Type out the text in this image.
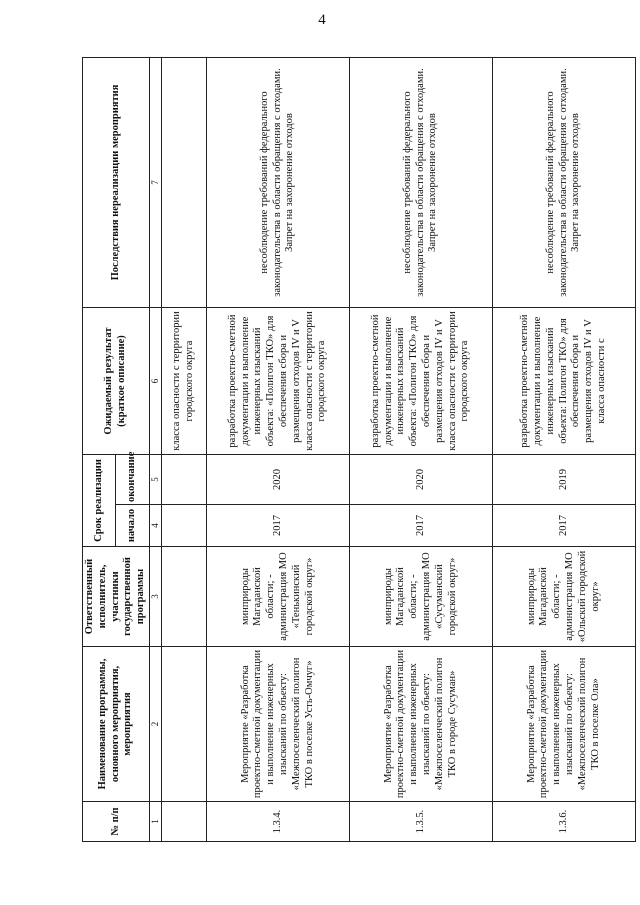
4
№ п/п	Наименование программы, основного мероприятия, мероприятия	Ответственный исполнитель, участники государственной программы	Срок реализации		Ожидаемый результат (краткое описание)	Последствия нереализации мероприятия
			начало	окончание		
1	2	3	4	5	6	7
					класса опасности с территории городского округа	
1.3.4.	Мероприятие «Разработка проектно-сметной документации и выполнение инженерных изысканий по объекту: «Межпоселенческий полигон ТКО в поселке Усть-Омчуг»	минприроды Магаданской области; - администрация МО «Тенькинский городской округ»	2017	2020	разработка проектно-сметной документации и выполнение инженерных изысканий объекта: «Полигон ТКО» для обеспечения сбора и размещения отходов IV и V класса опасности с территории городского округа	несоблюдение требований федерального законодательства в области обращения с отходами. Запрет на захоронение отходов
1.3.5.	Мероприятие «Разработка проектно-сметной документации и выполнение инженерных изысканий по объекту: «Межпоселенческий полигон ТКО в городе Сусуман»	минприроды Магаданской области; - администрация МО «Сусуманский городской округ»	2017	2020	разработка проектно-сметной документации и выполнение инженерных изысканий объекта: «Полигон ТКО» для обеспечения сбора и размещения отходов IV и V класса опасности с территории городского округа	несоблюдение требований федерального законодательства в области обращения с отходами. Запрет на захоронение отходов
1.3.6.	Мероприятие «Разработка проектно-сметной документации и выполнение инженерных изысканий по объекту: «Межпоселенческий полигон ТКО в поселке Ола»	минприроды Магаданской области; - администрация МО «Ольский городской округ»	2017	2019	разработка проектно-сметной документации и выполнение инженерных изысканий объекта: Полигон ТКО» для обеспечения сбора и размещения отходов IV и V класса опасности с	несоблюдение требований федерального законодательства в области обращения с отходами. Запрет на захоронение отходов
